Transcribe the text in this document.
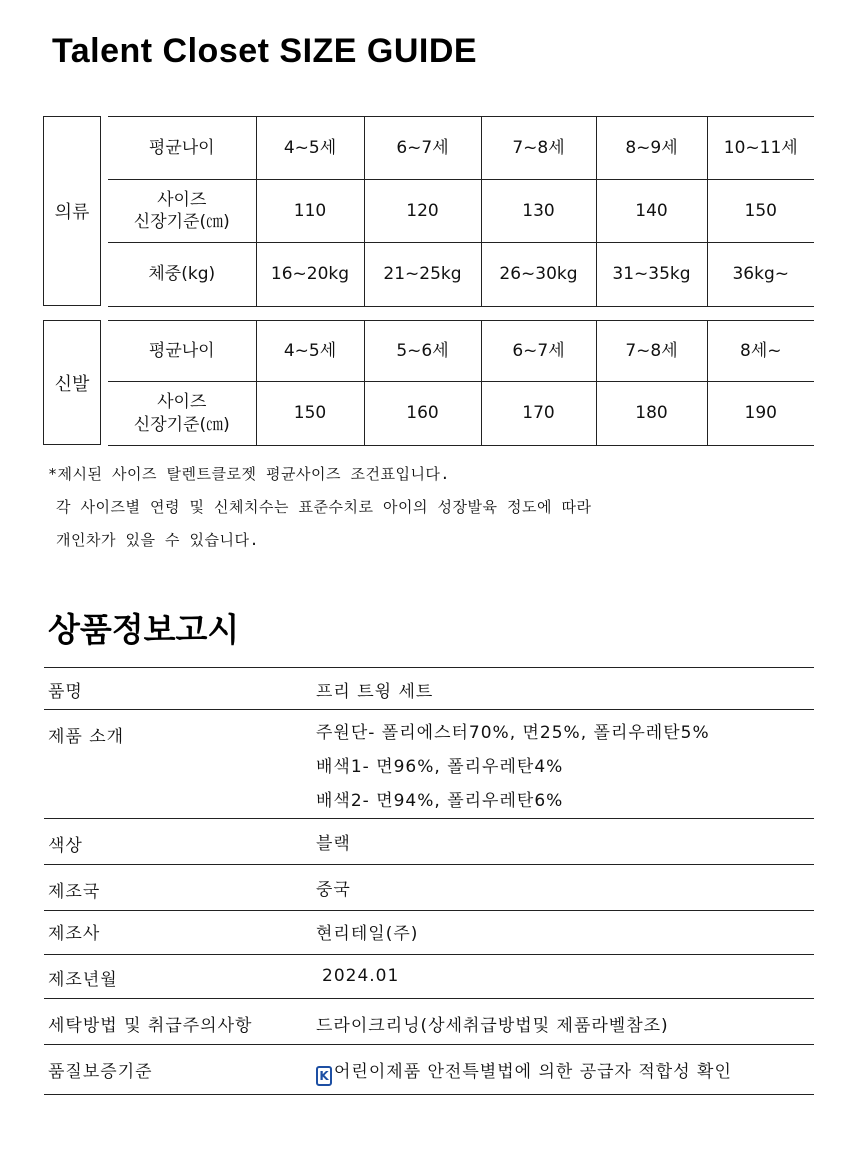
Talent Closet SIZE GUIDE
의류
평균나이	4~5세	6~7세	7~8세	8~9세	10~11세

사이즈
신장기준(㎝)	110	120	130	140	150
체중(kg)	16~20kg	21~25kg	26~30kg	31~35kg	36kg~
신발
평균나이	4~5세	5~6세	6~7세	7~8세	8세~

사이즈
신장기준(㎝)	150	160	170	180	190
*제시된 사이즈 탈렌트클로젯 평균사이즈 조건표입니다.
각 사이즈별 연령 및 신체치수는 표준수치로 아이의 성장발육 정도에 따라
개인차가 있을 수 있습니다.
상품정보고시
품명	프리 트윙 세트
제품 소개	주원단- 폴리에스터70%, 면25%, 폴리우레탄5%
배색1- 면96%, 폴리우레탄4%
배색2- 면94%, 폴리우레탄6%

색상	블랙
제조국	중국
제조사	현리테일(주)
제조년월	2024.01
세탁방법 및 취급주의사항	드라이크리닝(상세취급방법및 제품라벨참조)
품질보증기준	K 어린이제품 안전특별법에 의한 공급자 적합성 확인
